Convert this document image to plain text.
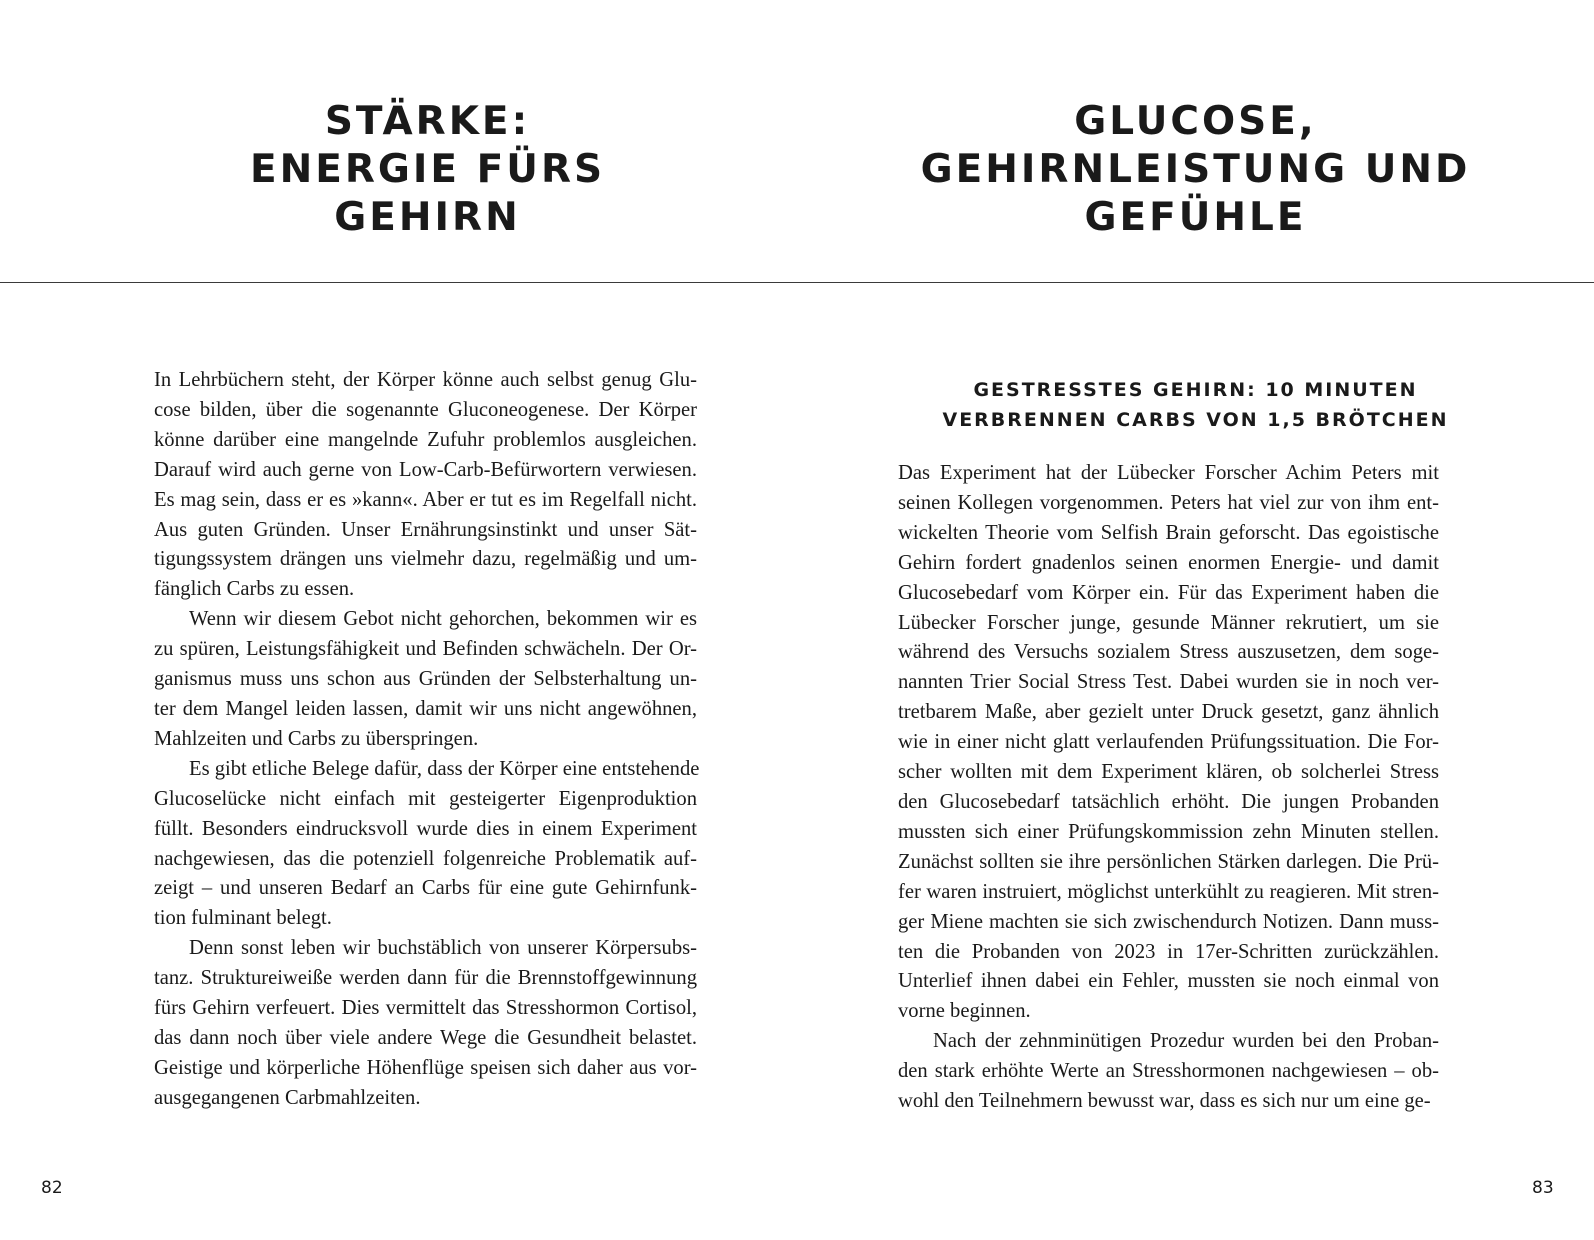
STÄRKE:
ENERGIE FÜRS
GEHIRN

In Lehrbüchern steht, der Körper könne auch selbst genug Glu-
cose bilden, über die sogenannte Gluconeogenese. Der Körper
könne darüber eine mangelnde Zufuhr problemlos ausgleichen.
Darauf wird auch gerne von Low-Carb-Befürwortern verwiesen.
Es mag sein, dass er es »kann«. Aber er tut es im Regelfall nicht.
Aus guten Gründen. Unser Ernährungsinstinkt und unser Sät-
tigungssystem drängen uns vielmehr dazu, regelmäßig und um-
fänglich Carbs zu essen.

Wenn wir diesem Gebot nicht gehorchen, bekommen wir es
zu spüren, Leistungsfähigkeit und Befinden schwächeln. Der Or-
ganismus muss uns schon aus Gründen der Selbsterhaltung un-
ter dem Mangel leiden lassen, damit wir uns nicht angewöhnen,
Mahlzeiten und Carbs zu überspringen.

Es gibt etliche Belege dafür, dass der Körper eine entstehende
Glucoselücke nicht einfach mit gesteigerter Eigenproduktion
füllt. Besonders eindrucksvoll wurde dies in einem Experiment
nachgewiesen, das die potenziell folgenreiche Problematik auf-
zeigt – und unseren Bedarf an Carbs für eine gute Gehirnfunk-
tion fulminant belegt.

Denn sonst leben wir buchstäblich von unserer Körpersubs-
tanz. Struktureiweiße werden dann für die Brennstoffgewinnung
fürs Gehirn verfeuert. Dies vermittelt das Stresshormon Cortisol,
das dann noch über viele andere Wege die Gesundheit belastet.
Geistige und körperliche Höhenflüge speisen sich daher aus vor-
ausgegangenen Carbmahlzeiten.

82
GLUCOSE,
GEHIRNLEISTUNG UND
GEFÜHLE
GESTRESSTES GEHIRN: 10 MINUTEN
VERBRENNEN CARBS VON 1,5 BRÖTCHEN

Das Experiment hat der Lübecker Forscher Achim Peters mit
seinen Kollegen vorgenommen. Peters hat viel zur von ihm ent-
wickelten Theorie vom Selfish Brain geforscht. Das egoistische
Gehirn fordert gnadenlos seinen enormen Energie- und damit
Glucosebedarf vom Körper ein. Für das Experiment haben die
Lübecker Forscher junge, gesunde Männer rekrutiert, um sie
während des Versuchs sozialem Stress auszusetzen, dem soge-
nannten Trier Social Stress Test. Dabei wurden sie in noch ver-
tretbarem Maße, aber gezielt unter Druck gesetzt, ganz ähnlich
wie in einer nicht glatt verlaufenden Prüfungssituation. Die For-
scher wollten mit dem Experiment klären, ob solcherlei Stress
den Glucosebedarf tatsächlich erhöht. Die jungen Probanden
mussten sich einer Prüfungskommission zehn Minuten stellen.
Zunächst sollten sie ihre persönlichen Stärken darlegen. Die Prü-
fer waren instruiert, möglichst unterkühlt zu reagieren. Mit stren-
ger Miene machten sie sich zwischendurch Notizen. Dann muss-
ten die Probanden von 2023 in 17er-Schritten zurückzählen.
Unterlief ihnen dabei ein Fehler, mussten sie noch einmal von
vorne beginnen.

Nach der zehnminütigen Prozedur wurden bei den Proban-
den stark erhöhte Werte an Stresshormonen nachgewiesen – ob-
wohl den Teilnehmern bewusst war, dass es sich nur um eine ge-

83
